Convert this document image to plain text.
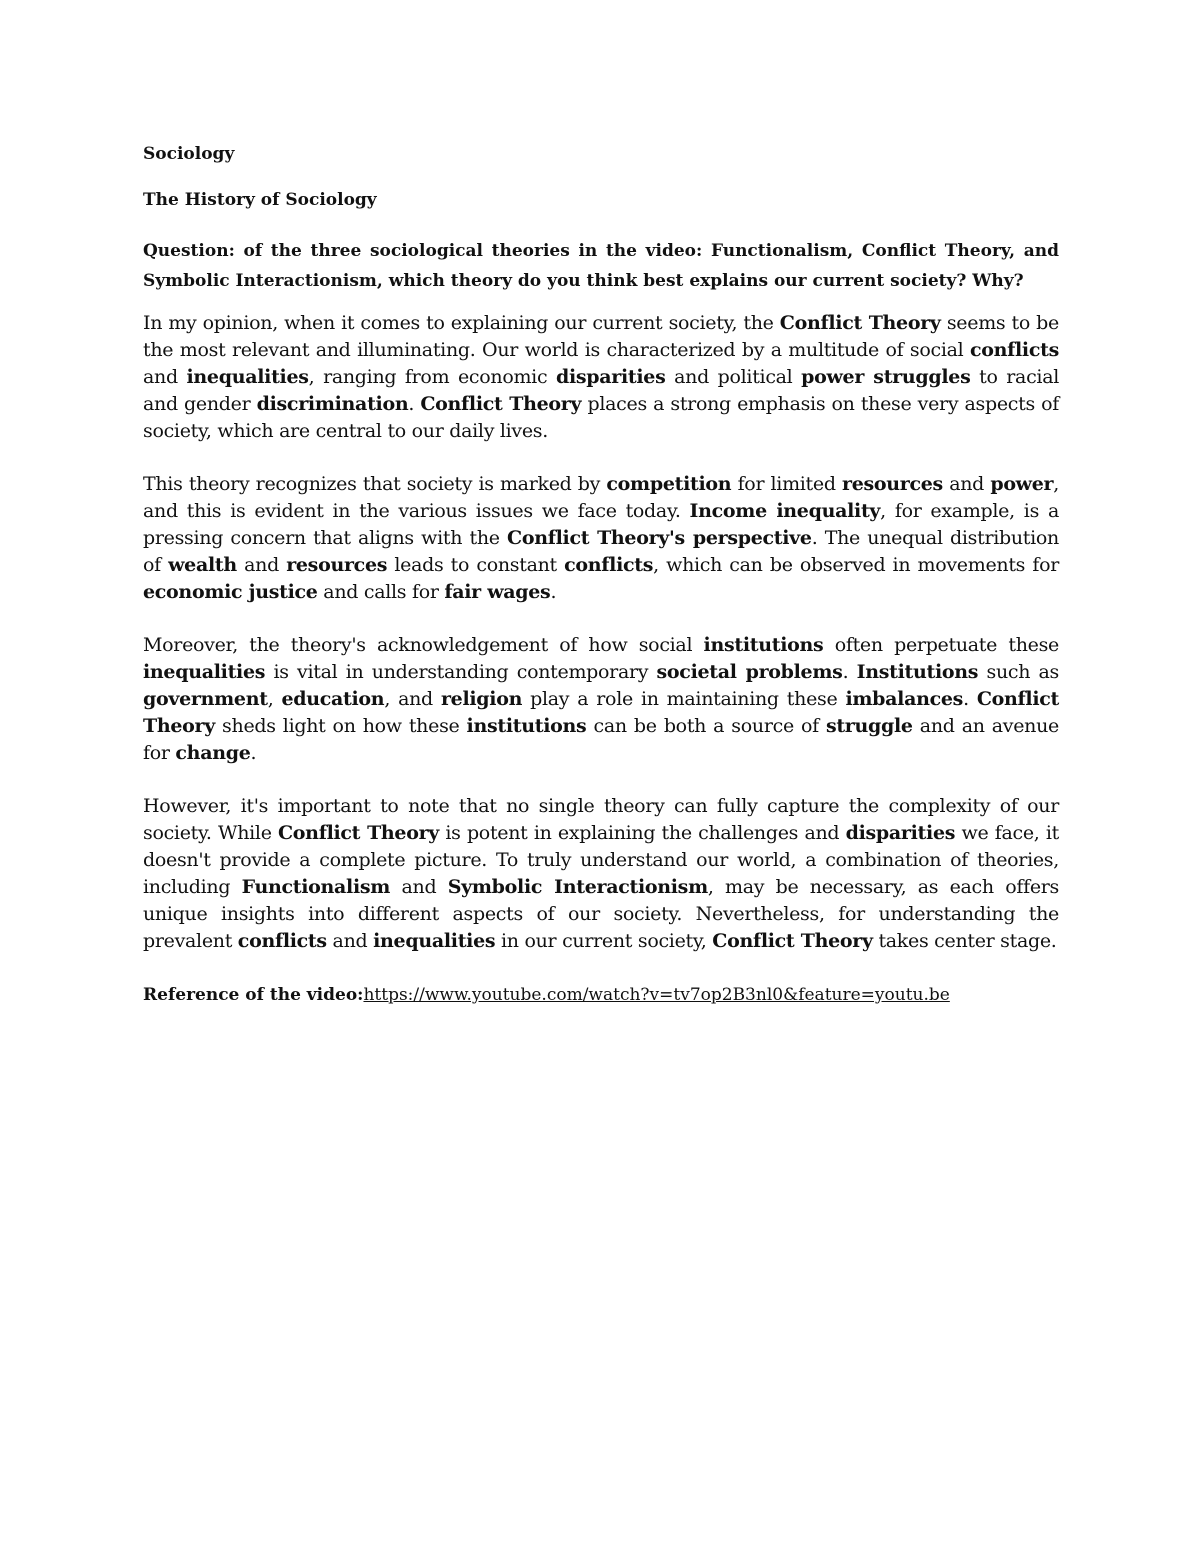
Sociology

The History of Sociology

Question: of the three sociological theories in the video: Functionalism, Conflict Theory, and Symbolic Interactionism, which theory do you think best explains our current society? Why?

In my opinion, when it comes to explaining our current society, the Conflict Theory seems to be the most relevant and illuminating. Our world is characterized by a multitude of social conflicts and inequalities, ranging from economic disparities and political power struggles to racial and gender discrimination. Conflict Theory places a strong emphasis on these very aspects of society, which are central to our daily lives.

This theory recognizes that society is marked by competition for limited resources and power, and this is evident in the various issues we face today. Income inequality, for example, is a pressing concern that aligns with the Conflict Theory's perspective. The unequal distribution of wealth and resources leads to constant conflicts, which can be observed in movements for economic justice and calls for fair wages.

Moreover, the theory's acknowledgement of how social institutions often perpetuate these inequalities is vital in understanding contemporary societal problems. Institutions such as government, education, and religion play a role in maintaining these imbalances. Conflict Theory sheds light on how these institutions can be both a source of struggle and an avenue for change.

However, it's important to note that no single theory can fully capture the complexity of our society. While Conflict Theory is potent in explaining the challenges and disparities we face, it doesn't provide a complete picture. To truly understand our world, a combination of theories, including Functionalism and Symbolic Interactionism, may be necessary, as each offers unique insights into different aspects of our society. Nevertheless, for understanding the prevalent conflicts and inequalities in our current society, Conflict Theory takes center stage.

Reference of the video:https://www.youtube.com/watch?v=tv7op2B3nl0&feature=youtu.be
